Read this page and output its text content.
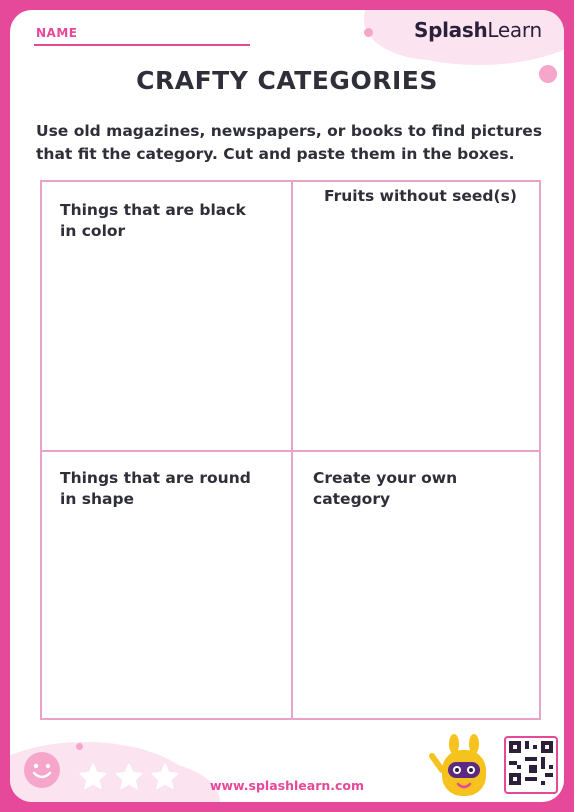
NAME	SplashLearn
CRAFTY CATEGORIES
Use old magazines, newspapers, or books to find pictures that fit the category. Cut and paste them in the boxes.
Things that are black in color
Fruits without seed(s)
Things that are round in shape
Create your own category
www.splashlearn.com
